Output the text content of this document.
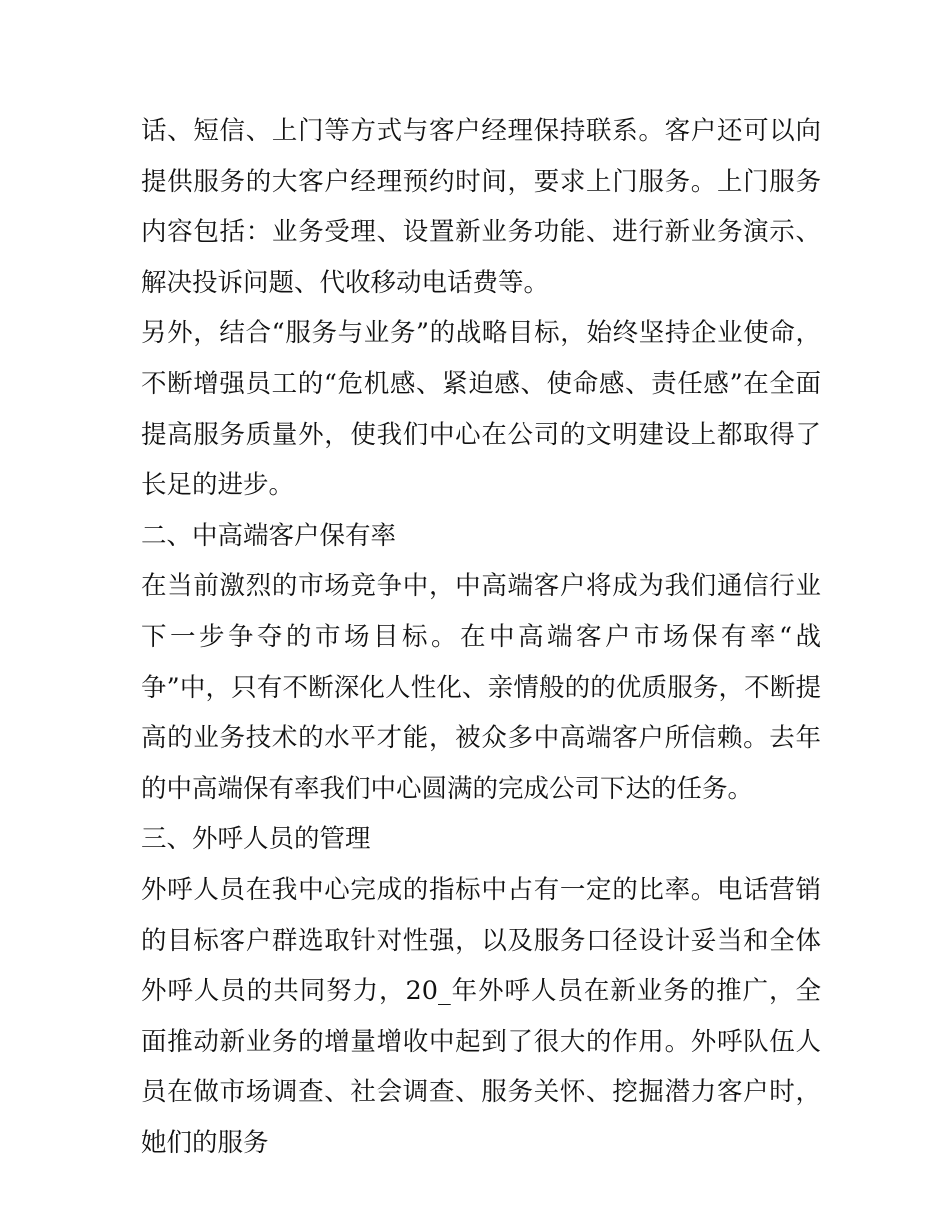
话、短信、上门等方式与客户经理保持联系。客户还可以向提供服务的大客户经理预约时间，要求上门服务。上门服务内容包括：业务受理、设置新业务功能、进行新业务演示、解决投诉问题、代收移动电话费等。

另外，结合“服务与业务”的战略目标，始终坚持企业使命，不断增强员工的“危机感、紧迫感、使命感、责任感”在全面提高服务质量外，使我们中心在公司的文明建设上都取得了长足的进步。

二、中高端客户保有率

在当前激烈的市场竞争中，中高端客户将成为我们通信行业下一步争夺的市场目标。在中高端客户市场保有率“战争”中，只有不断深化人性化、亲情般的的优质服务，不断提高的业务技术的水平才能，被众多中高端客户所信赖。去年的中高端保有率我们中心圆满的完成公司下达的任务。

三、外呼人员的管理

外呼人员在我中心完成的指标中占有一定的比率。电话营销的目标客户群选取针对性强，以及服务口径设计妥当和全体外呼人员的共同努力，20_年外呼人员在新业务的推广，全面推动新业务的增量增收中起到了很大的作用。外呼队伍人员在做市场调查、社会调查、服务关怀、挖掘潜力客户时，她们的服务
